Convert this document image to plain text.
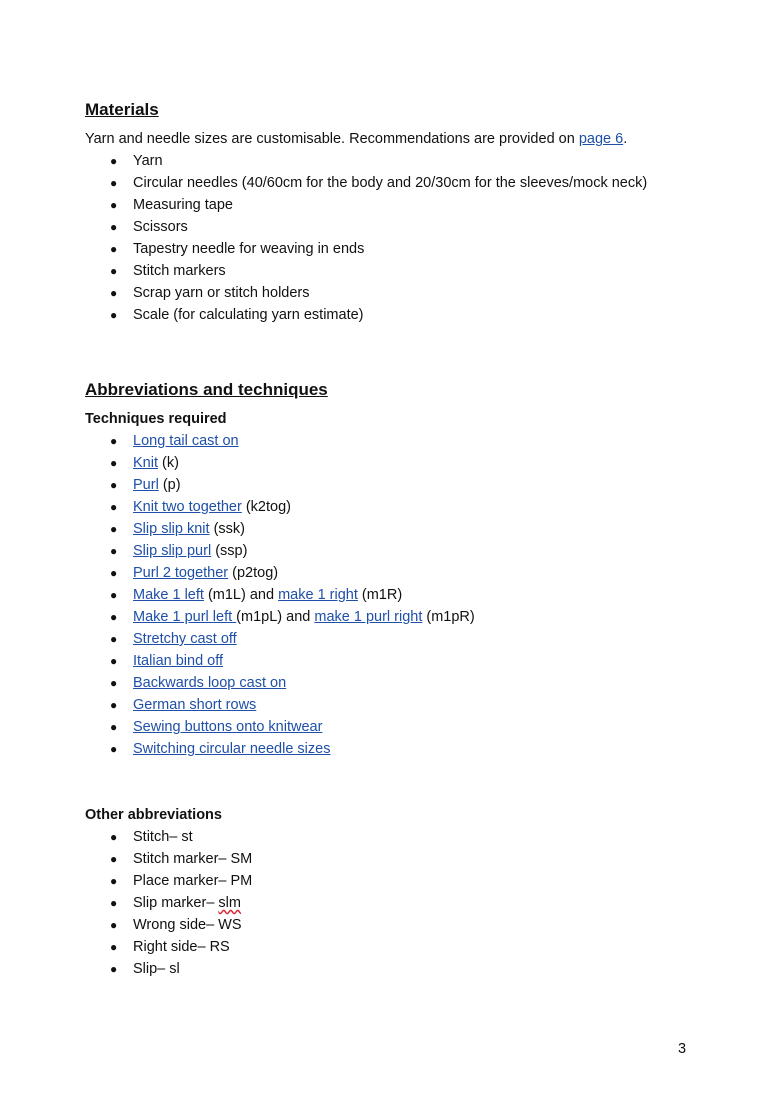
Materials

Yarn and needle sizes are customisable. Recommendations are provided on page 6.

● Yarn
● Circular needles (40/60cm for the body and 20/30cm for the sleeves/mock neck)
● Measuring tape
● Scissors
● Tapestry needle for weaving in ends
● Stitch markers
● Scrap yarn or stitch holders
● Scale (for calculating yarn estimate)
Abbreviations and techniques
Techniques required
● Long tail cast on
● Knit (k)
● Purl (p)
● Knit two together (k2tog)
● Slip slip knit (ssk)
● Slip slip purl (ssp)
● Purl 2 together (p2tog)
● Make 1 left (m1L) and make 1 right (m1R)
● Make 1 purl left (m1pL) and make 1 purl right (m1pR)
● Stretchy cast off
● Italian bind off
● Backwards loop cast on
● German short rows
● Sewing buttons onto knitwear
● Switching circular needle sizes
Other abbreviations
● Stitch– st
● Stitch marker– SM
● Place marker– PM
● Slip marker– slm
● Wrong side– WS
● Right side– RS
● Slip– sl
3
